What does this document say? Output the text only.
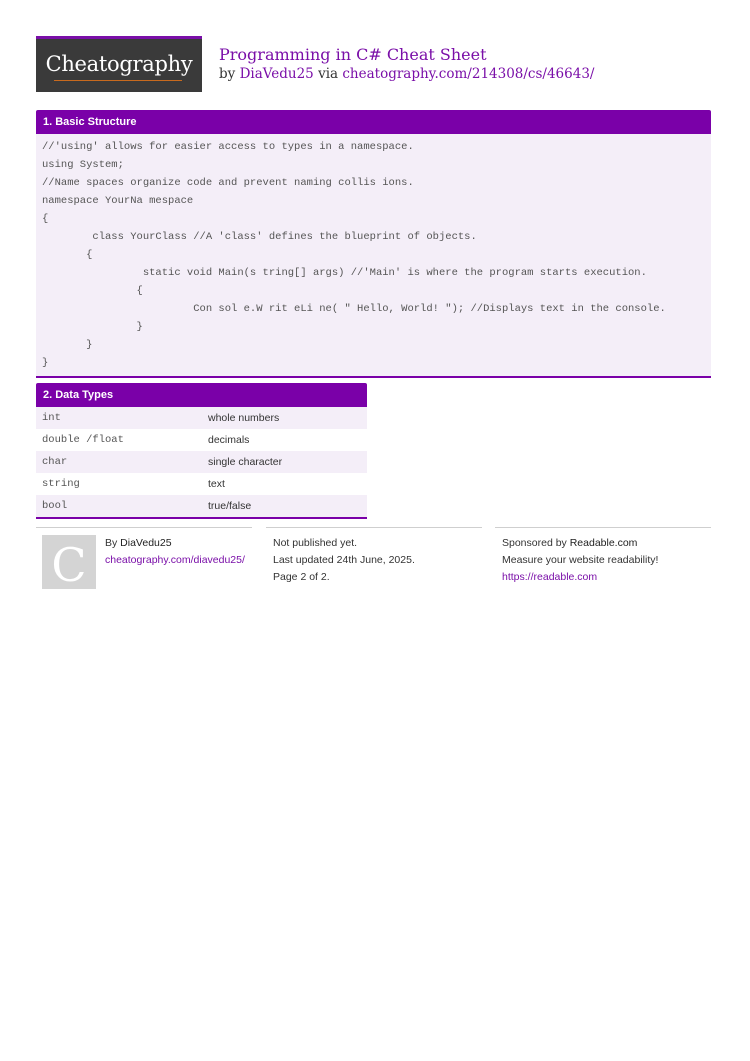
Cheatography	Programming in C# Cheat Sheet
by DiaVedu25 via cheatography.com/214308/cs/46643/
1. Basic Structure
//'using' allows for easier access to types in a namespace.
using System;
//Name spaces organize code and prevent naming collis ions.
namespace YourNa mespace
{
class YourClass //A 'class' defines the blueprint of objects.
{
static void Main(s tring[] args) //'Main' is where the program starts execution.
{
Con sol e.W rit eLi ne( " Hello, World! "); //Displays text in the console.
}
}
}
2. Data Types
int	whole numbers
double /float	decimals
char	single character
string	text
bool	true/false
C	By DiaVedu25
cheatography.com/diavedu25/
Not published yet.
Last updated 24th June, 2025.
Page 2 of 2.
Sponsored by Readable.com
Measure your website readability!
https://readable.com
